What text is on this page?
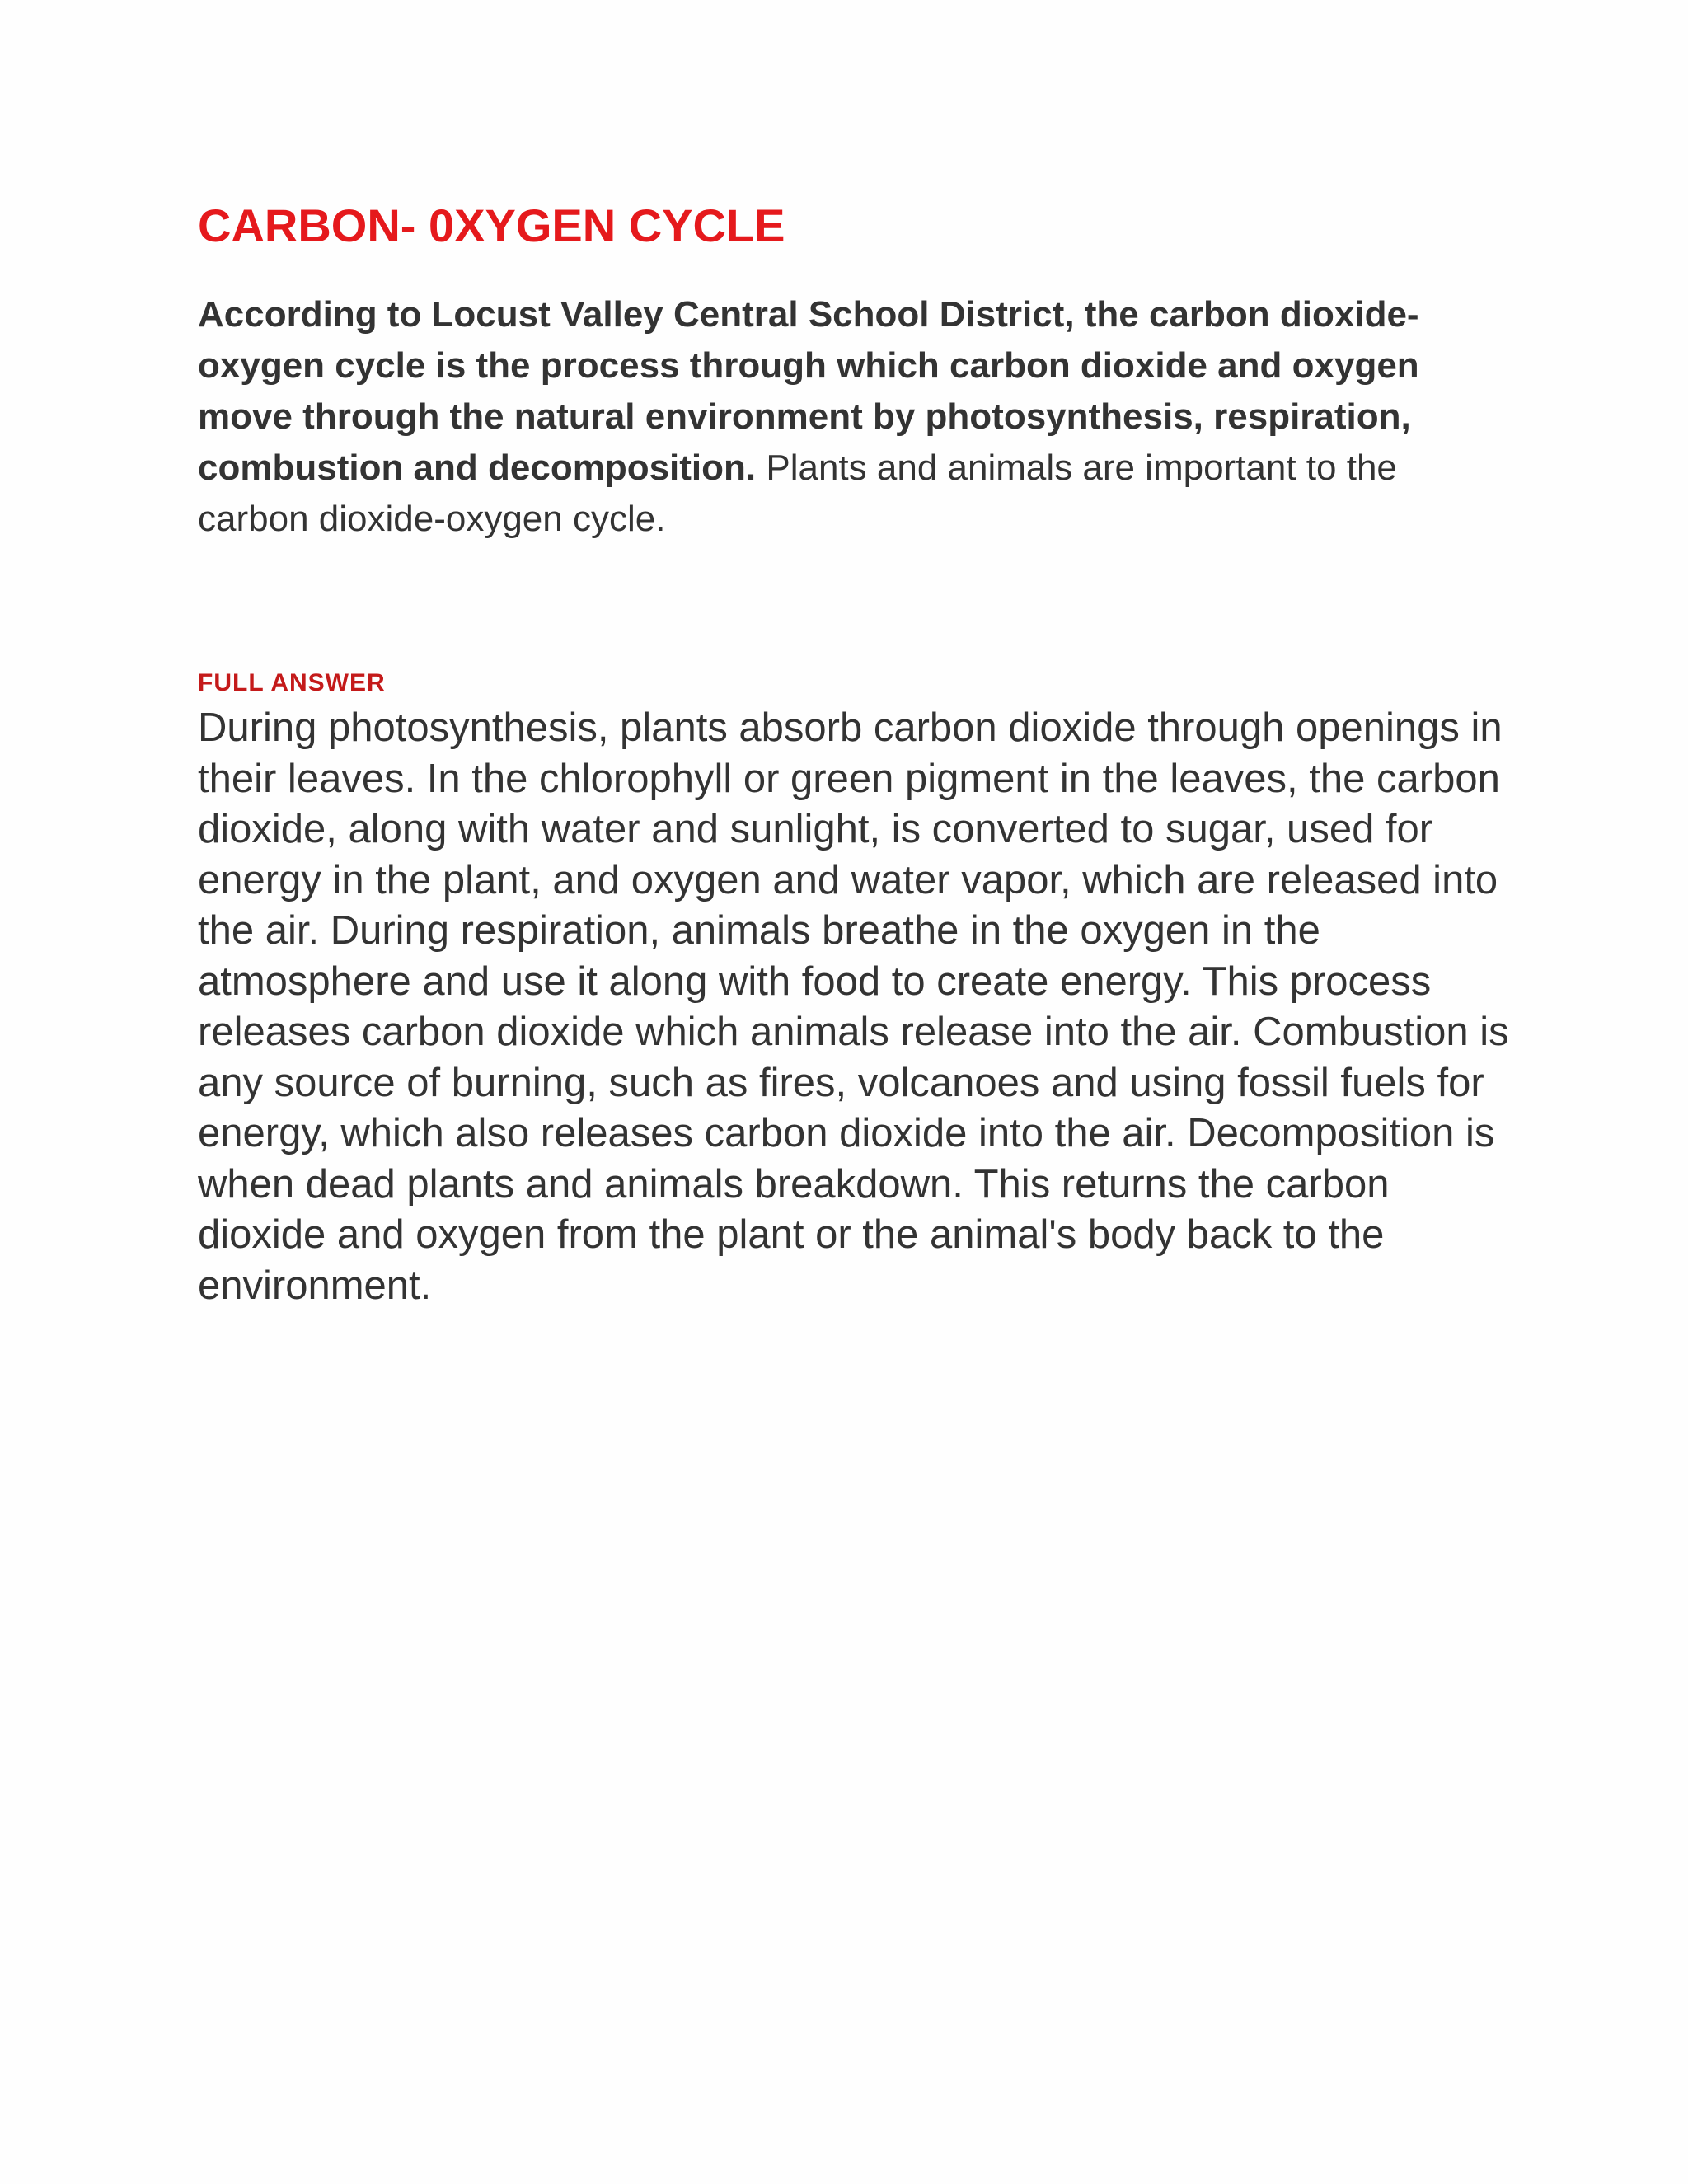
CARBON- 0XYGEN CYCLE
According to Locust Valley Central School District, the carbon dioxide-oxygen cycle is the process through which carbon dioxide and oxygen move through the natural environment by photosynthesis, respiration, combustion and decomposition. Plants and animals are important to the carbon dioxide-oxygen cycle.
FULL ANSWER
During photosynthesis, plants absorb carbon dioxide through openings in their leaves. In the chlorophyll or green pigment in the leaves, the carbon dioxide, along with water and sunlight, is converted to sugar, used for energy in the plant, and oxygen and water vapor, which are released into the air. During respiration, animals breathe in the oxygen in the atmosphere and use it along with food to create energy. This process releases carbon dioxide which animals release into the air. Combustion is any source of burning, such as fires, volcanoes and using fossil fuels for energy, which also releases carbon dioxide into the air. Decomposition is when dead plants and animals breakdown. This returns the carbon dioxide and oxygen from the plant or the animal's body back to the environment.
